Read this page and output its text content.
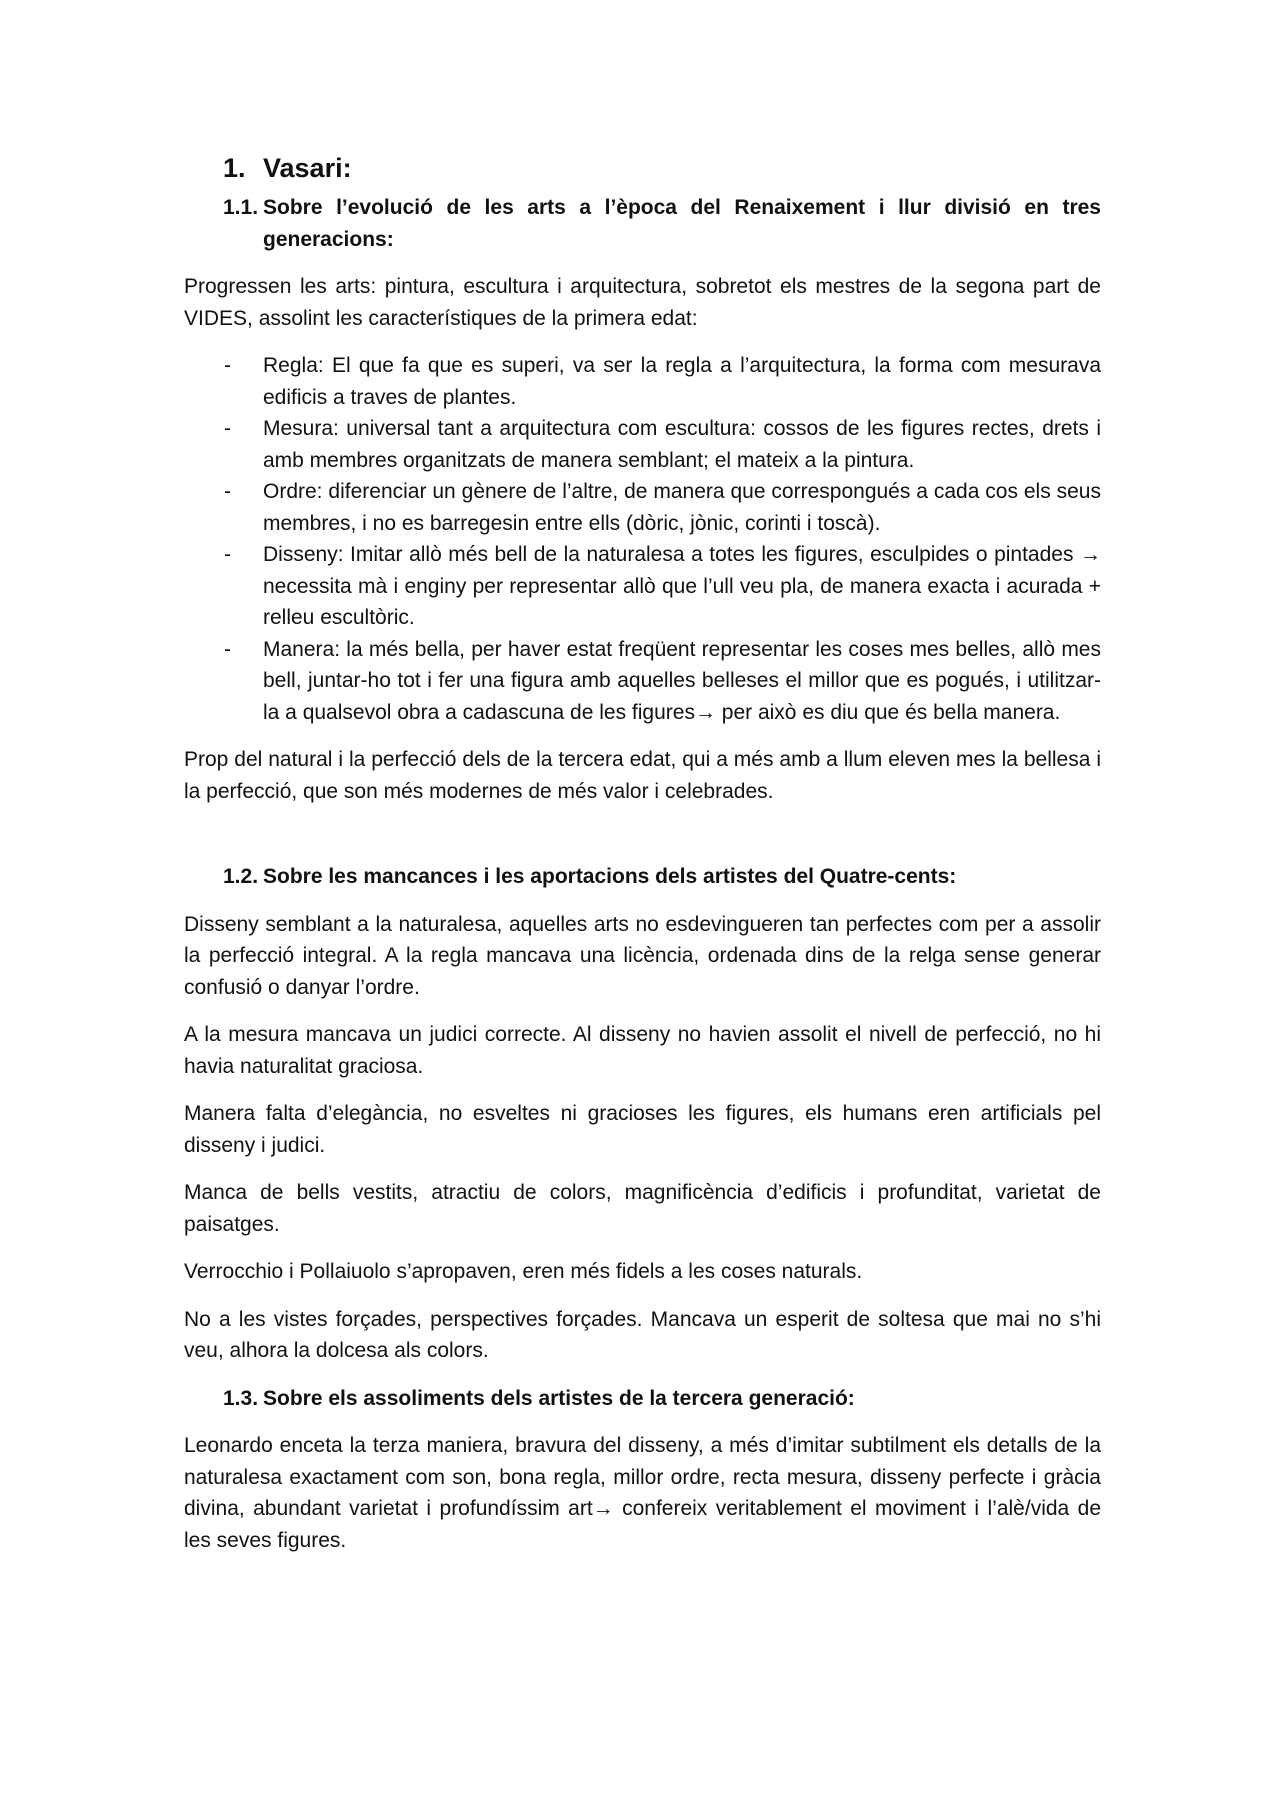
1. Vasari:
1.1. Sobre l’evolució de les arts a l’època del Renaixement i llur divisió en tres generacions:

Progressen les arts: pintura, escultura i arquitectura, sobretot els mestres de la segona part de VIDES, assolint les característiques de la primera edat:

-	Regla: El que fa que es superi, va ser la regla a l’arquitectura, la forma com mesurava edificis a traves de plantes.
-	Mesura: universal tant a arquitectura com escultura: cossos de les figures rectes, drets i amb membres organitzats de manera semblant; el mateix a la pintura.
-	Ordre: diferenciar un gènere de l’altre, de manera que correspongués a cada cos els seus membres, i no es barregesin entre ells (dòric, jònic, corinti i toscà).
-	Disseny: Imitar allò més bell de la naturalesa a totes les figures, esculpides o pintades → necessita mà i enginy per representar allò que l’ull veu pla, de manera exacta i acurada + relleu escultòric.
-	Manera: la més bella, per haver estat freqüent representar les coses mes belles, allò mes bell, juntar-ho tot i fer una figura amb aquelles belleses el millor que es pogués, i utilitzar-la a qualsevol obra a cadascuna de les figures→ per això es diu que és bella manera.

Prop del natural i la perfecció dels de la tercera edat, qui a més amb a llum eleven mes la bellesa i la perfecció, que son més modernes de més valor i celebrades.

1.2. Sobre les mancances i les aportacions dels artistes del Quatre-cents:

Disseny semblant a la naturalesa, aquelles arts no esdevingueren tan perfectes com per a assolir la perfecció integral. A la regla mancava una licència, ordenada dins de la relga sense generar confusió o danyar l’ordre.

A la mesura mancava un judici correcte. Al disseny no havien assolit el nivell de perfecció, no hi havia naturalitat graciosa.

Manera falta d’elegància, no esveltes ni gracioses les figures, els humans eren artificials pel disseny i judici.

Manca de bells vestits, atractiu de colors, magnificència d’edificis i profunditat, varietat de paisatges.

Verrocchio i Pollaiuolo s’apropaven, eren més fidels a les coses naturals.

No a les vistes forçades, perspectives forçades. Mancava un esperit de soltesa que mai no s’hi veu, alhora la dolcesa als colors.

1.3. Sobre els assoliments dels artistes de la tercera generació:

Leonardo enceta la terza maniera, bravura del disseny, a més d’imitar subtilment els detalls de la naturalesa exactament com son, bona regla, millor ordre, recta mesura, disseny perfecte i gràcia divina, abundant varietat i profundíssim art→ confereix veritablement el moviment i l’alè/vida de les seves figures.
